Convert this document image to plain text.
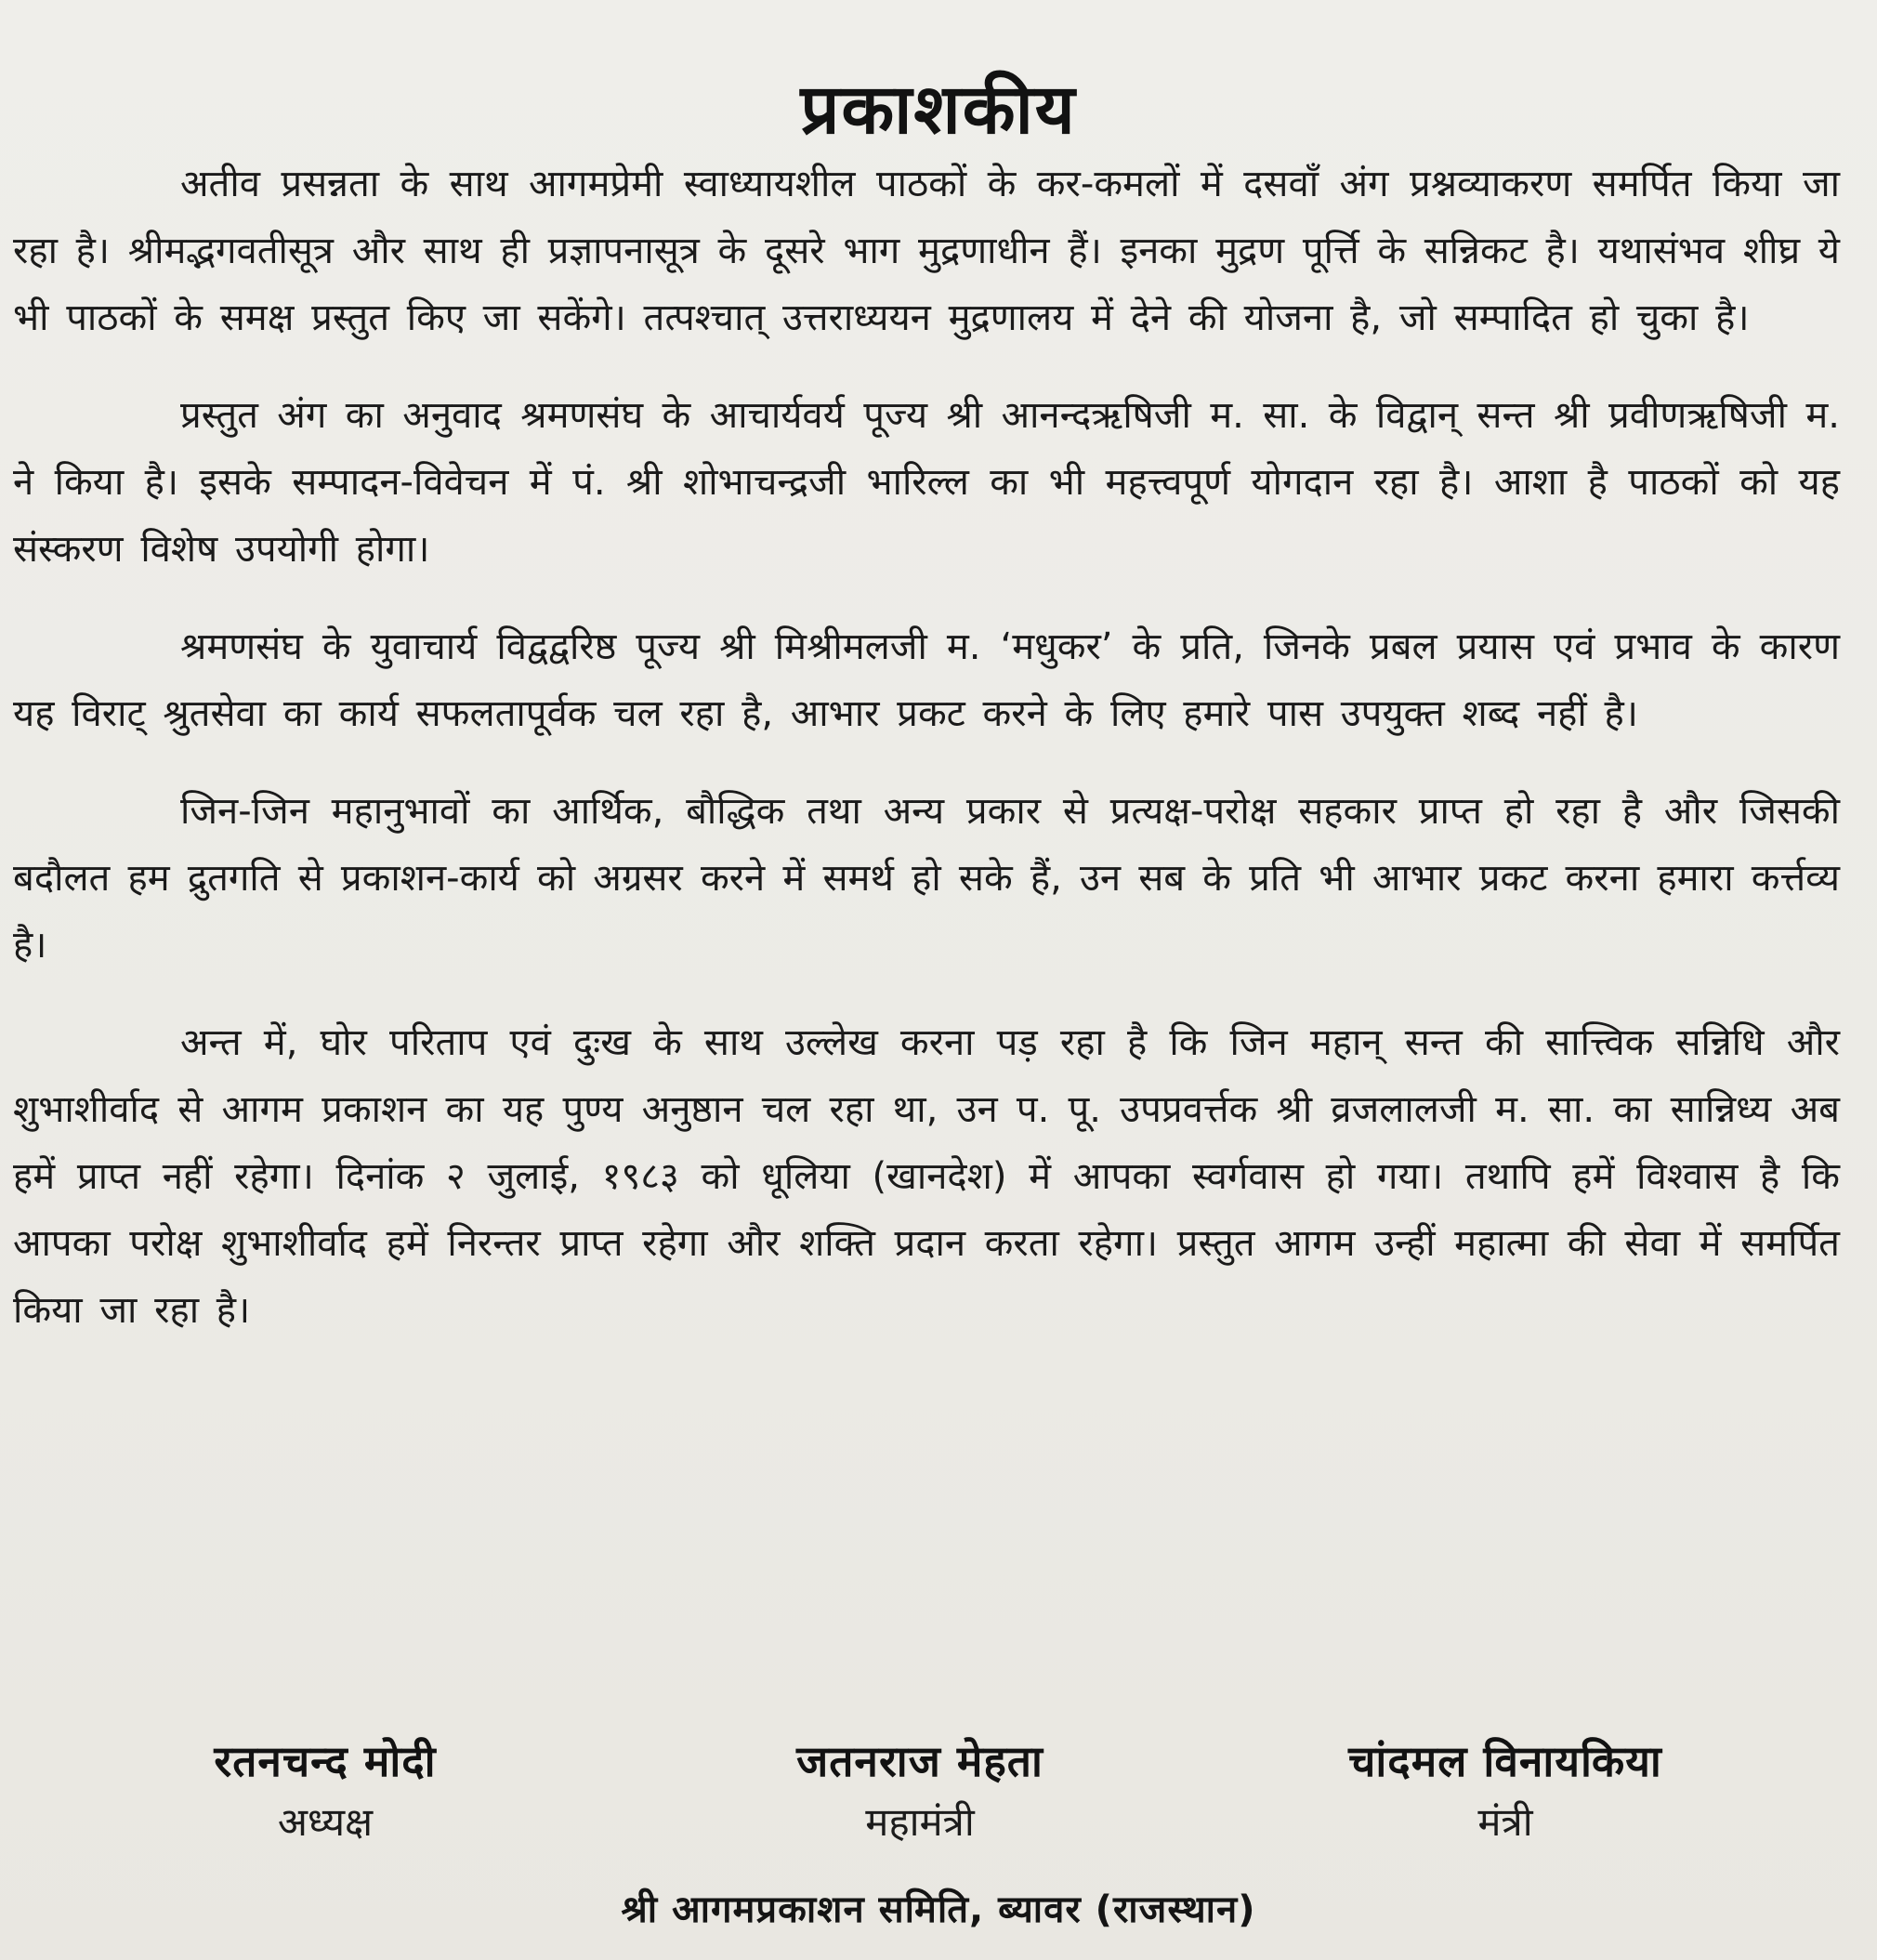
प्रकाशकीय

अतीव प्रसन्नता के साथ आगमप्रेमी स्वाध्यायशील पाठकों के कर-कमलों में दसवाँ अंग प्रश्नव्याकरण समर्पित किया जा रहा है। श्रीमद्भगवतीसूत्र और साथ ही प्रज्ञापनासूत्र के दूसरे भाग मुद्रणाधीन हैं। इनका मुद्रण पूर्त्ति के सन्निकट है। यथासंभव शीघ्र ये भी पाठकों के समक्ष प्रस्तुत किए जा सकेंगे। तत्पश्चात् उत्तराध्ययन मुद्रणालय में देने की योजना है, जो सम्पादित हो चुका है।

प्रस्तुत अंग का अनुवाद श्रमणसंघ के आचार्यवर्य पूज्य श्री आनन्दऋषिजी म. सा. के विद्वान् सन्त श्री प्रवीणऋषिजी म. ने किया है। इसके सम्पादन-विवेचन में पं. श्री शोभाचन्द्रजी भारिल्ल का भी महत्त्वपूर्ण योगदान रहा है। आशा है पाठकों को यह संस्करण विशेष उपयोगी होगा।

श्रमणसंघ के युवाचार्य विद्वद्वरिष्ठ पूज्य श्री मिश्रीमलजी म. ‘मधुकर’ के प्रति, जिनके प्रबल प्रयास एवं प्रभाव के कारण यह विराट् श्रुतसेवा का कार्य सफलतापूर्वक चल रहा है, आभार प्रकट करने के लिए हमारे पास उपयुक्त शब्द नहीं है।

जिन-जिन महानुभावों का आर्थिक, बौद्धिक तथा अन्य प्रकार से प्रत्यक्ष-परोक्ष सहकार प्राप्त हो रहा है और जिसकी बदौलत हम द्रुतगति से प्रकाशन-कार्य को अग्रसर करने में समर्थ हो सके हैं, उन सब के प्रति भी आभार प्रकट करना हमारा कर्त्तव्य है।

अन्त में, घोर परिताप एवं दुःख के साथ उल्लेख करना पड़ रहा है कि जिन महान् सन्त की सात्त्विक सन्निधि और शुभाशीर्वाद से आगम प्रकाशन का यह पुण्य अनुष्ठान चल रहा था, उन प. पू. उपप्रवर्त्तक श्री व्रजलालजी म. सा. का सान्निध्य अब हमें प्राप्त नहीं रहेगा। दिनांक २ जुलाई, १९८३ को धूलिया (खानदेश) में आपका स्वर्गवास हो गया। तथापि हमें विश्वास है कि आपका परोक्ष शुभाशीर्वाद हमें निरन्तर प्राप्त रहेगा और शक्ति प्रदान करता रहेगा। प्रस्तुत आगम उन्हीं महात्मा की सेवा में समर्पित किया जा रहा है।

रतनचन्द मोदी
अध्यक्ष
जतनराज मेहता
महामंत्री
चांदमल विनायकिया
मंत्री
श्री आगमप्रकाशन समिति, ब्यावर (राजस्थान)
